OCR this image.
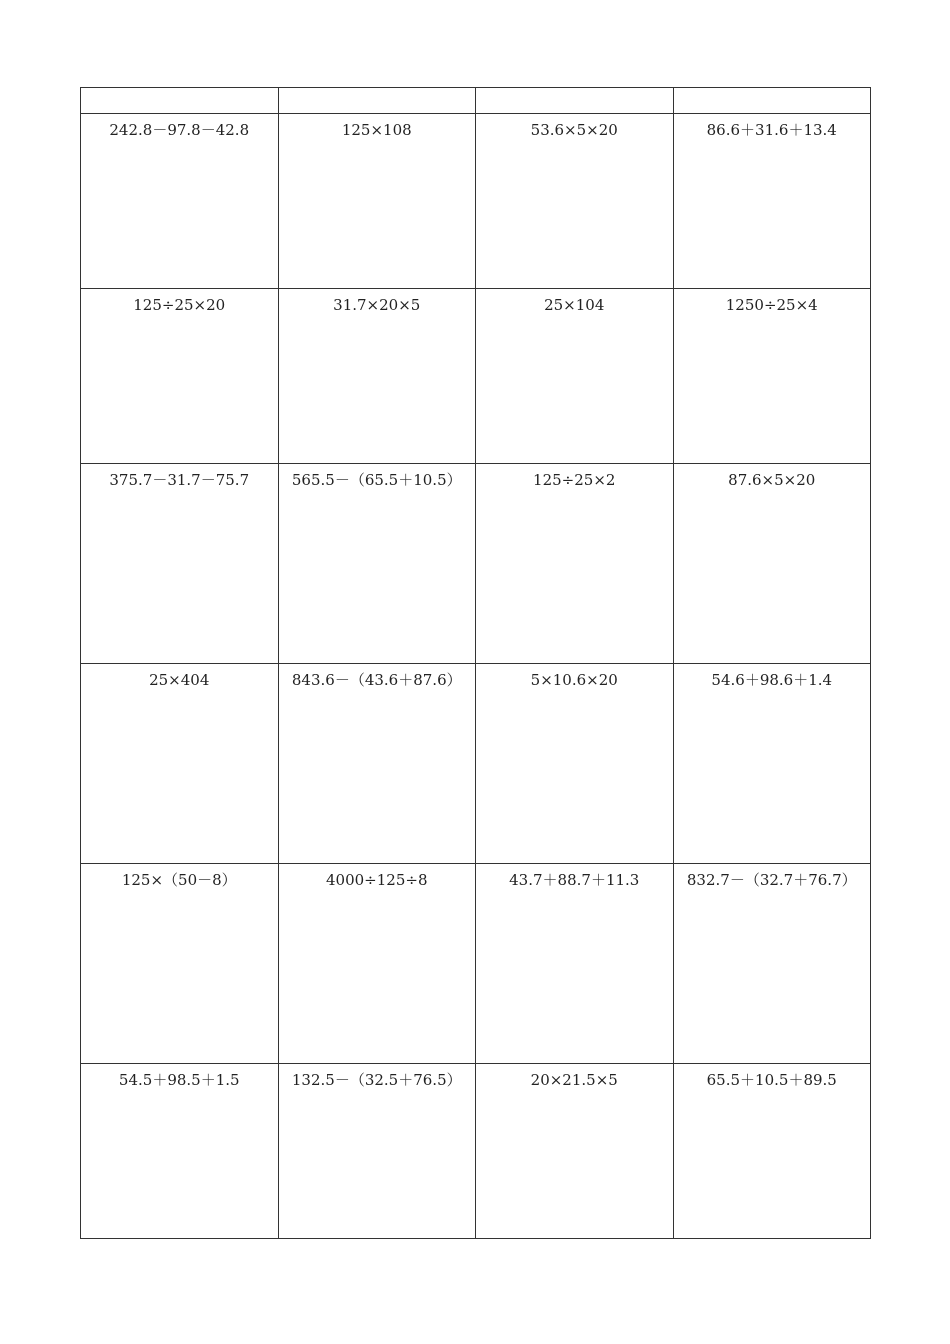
242.8－97.8－42.8	125×108	53.6×5×20	86.6＋31.6＋13.4

125÷25×20	31.7×20×5	25×104	1250÷25×4

375.7－31.7－75.7	565.5－（65.5＋10.5）	125÷25×2	87.6×5×20

25×404	843.6－（43.6＋87.6）	5×10.6×20	54.6＋98.6＋1.4

125×（50－8）	4000÷125÷8	43.7＋88.7＋11.3	832.7－（32.7＋76.7）

54.5＋98.5＋1.5	132.5－（32.5＋76.5）	20×21.5×5	65.5＋10.5＋89.5
